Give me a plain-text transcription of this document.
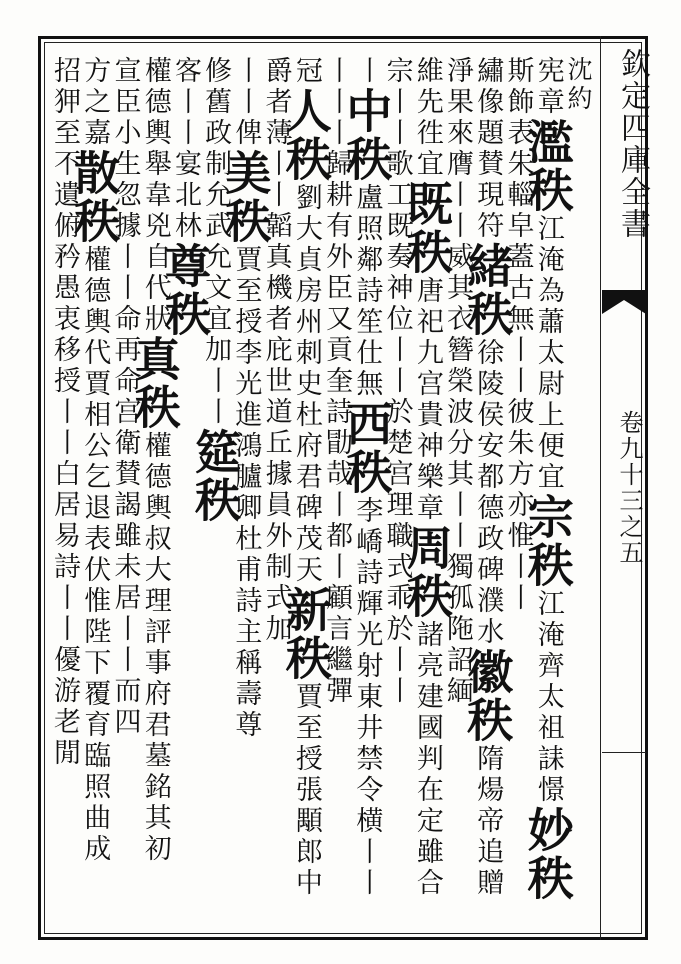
欽定四庫全書
卷九十三之五
沈約
宪章濫秩江淹為蕭太尉上便宜宗秩江淹齊太祖誄憬妙秩
斯飾表朱輜皁蓋古無丨丨彼朱方亦惟丨丨
繡像題賛現符緒秩徐陵侯安都德政碑濮水徽秩隋煬帝追贈
淨果來膺丨丨威其衣簪榮波分其丨丨獨孤陁詔緬
維先徃宜既秩唐祀九宫貴神樂章周秩諸亮建國判在定雖合
宗丨丨歌工既奏神位丨丨於楚宫理職式乖於丨丨
丨中秩盧照鄰詩笙仕無西秩李嶠詩輝光射東井禁令横丨丨
丨丨丨歸耕有外臣又貢奎詩勖哉丨都丨顧言繼彈
冠人秩劉大貞房州刺史杜府君碑茂天新秩賈至授張顒郎中
爵者薄丨丨韜真機者庇世道丘據員外制式加
丨丨俾美秩賈至授李光進鴻臚卿杜甫詩主稱壽尊
修舊政制允武允文宜加丨丨筵秩
客丨丨宴北林尊秩
權德輿舉韋兇自代狀真秩權德輿叔大理評事府君墓銘其初
宣臣小生忽據丨丨命再命宫衛賛謁雖未居丨丨而四
方之嘉散秩權德輿代賈相公乞退表伏惟陛下覆育臨照曲成
招狎至不遺俯矜愚衷移授丨丨白居易詩丨丨優游老閒
